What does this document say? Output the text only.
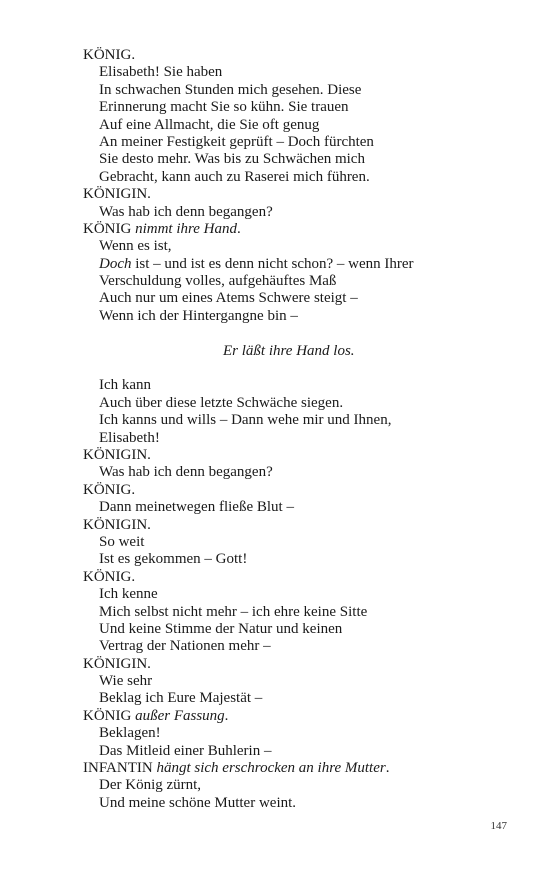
KÖNIG.
Elisabeth! Sie haben
In schwachen Stunden mich gesehen. Diese
Erinnerung macht Sie so kühn. Sie trauen
Auf eine Allmacht, die Sie oft genug
An meiner Festigkeit geprüft – Doch fürchten
Sie desto mehr. Was bis zu Schwächen mich
Gebracht, kann auch zu Raserei mich führen.
KÖNIGIN.
Was hab ich denn begangen?
KÖNIG nimmt ihre Hand.
Wenn es ist,
Doch ist – und ist es denn nicht schon? – wenn Ihrer
Verschuldung volles, aufgehäuftes Maß
Auch nur um eines Atems Schwere steigt –
Wenn ich der Hintergangne bin –
Er läßt ihre Hand los.
Ich kann
Auch über diese letzte Schwäche siegen.
Ich kanns und wills – Dann wehe mir und Ihnen,
Elisabeth!
KÖNIGIN.
Was hab ich denn begangen?
KÖNIG.
Dann meinetwegen fließe Blut –
KÖNIGIN.
So weit
Ist es gekommen – Gott!
KÖNIG.
Ich kenne
Mich selbst nicht mehr – ich ehre keine Sitte
Und keine Stimme der Natur und keinen
Vertrag der Nationen mehr –
KÖNIGIN.
Wie sehr
Beklag ich Eure Majestät –
KÖNIG außer Fassung.
Beklagen!
Das Mitleid einer Buhlerin –
INFANTIN hängt sich erschrocken an ihre Mutter.
Der König zürnt,
Und meine schöne Mutter weint.
147
